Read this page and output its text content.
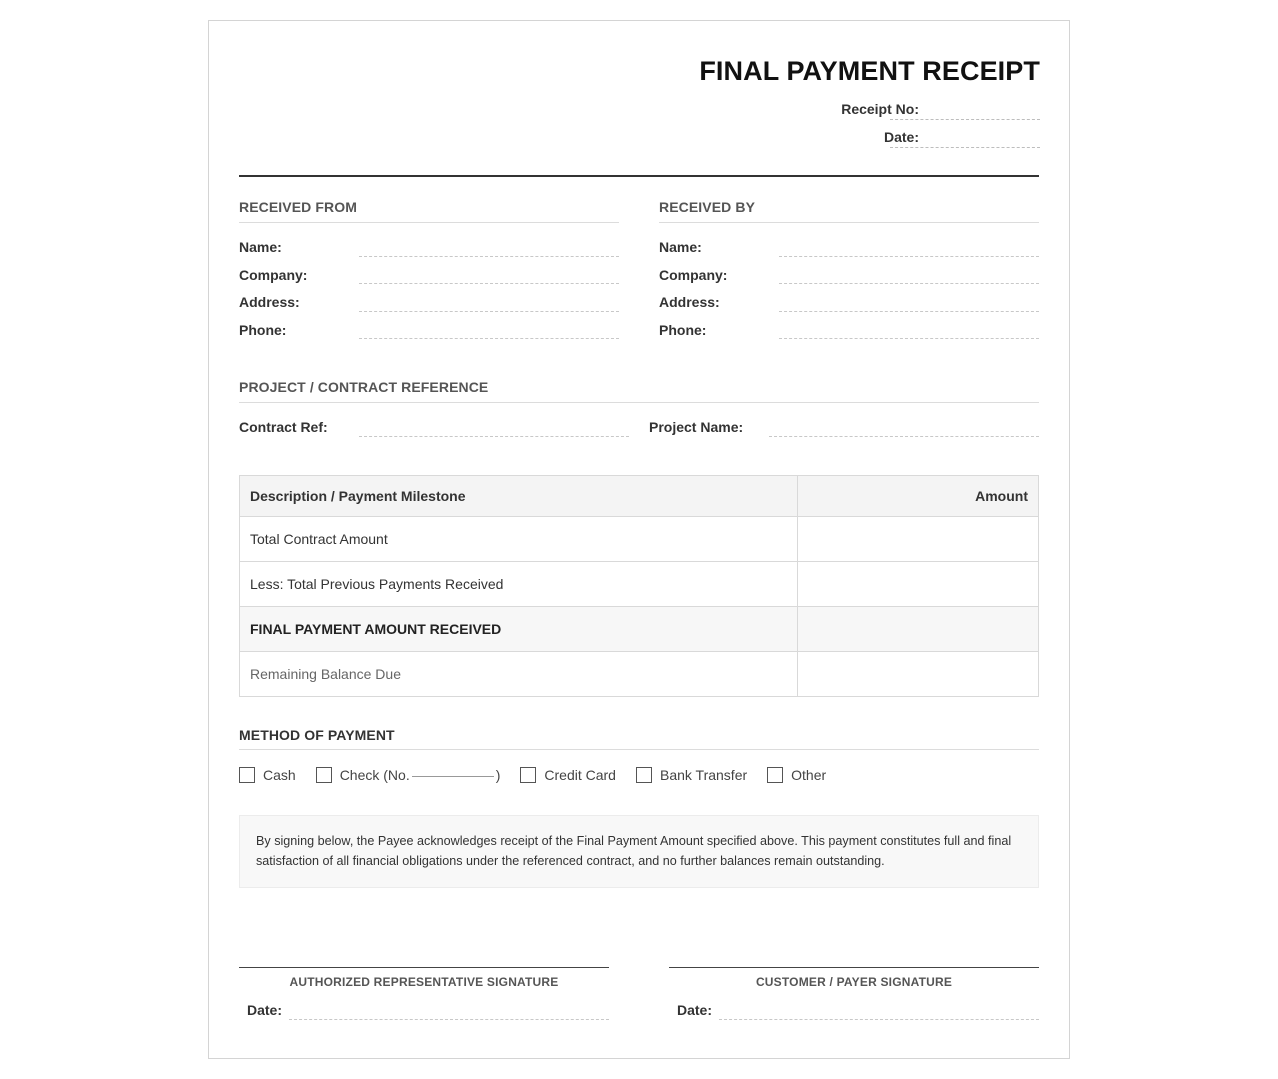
FINAL PAYMENT RECEIPT
Receipt No:
Date:
RECEIVED FROM
Name:
Company:
Address:
Phone:
RECEIVED BY
Name:
Company:
Address:
Phone:
PROJECT / CONTRACT REFERENCE
Contract Ref:	Project Name:
Description / Payment Milestone	Amount
Total Contract Amount	
Less: Total Previous Payments Received	
FINAL PAYMENT AMOUNT RECEIVED	
Remaining Balance Due	
METHOD OF PAYMENT
Cash	Check (No.	)	Credit Card	Bank Transfer	Other
By signing below, the Payee acknowledges receipt of the Final Payment Amount specified above. This payment constitutes full and final satisfaction of all financial obligations under the referenced contract, and no further balances remain outstanding.
AUTHORIZED REPRESENTATIVE SIGNATURE
Date:
CUSTOMER / PAYER SIGNATURE
Date:
